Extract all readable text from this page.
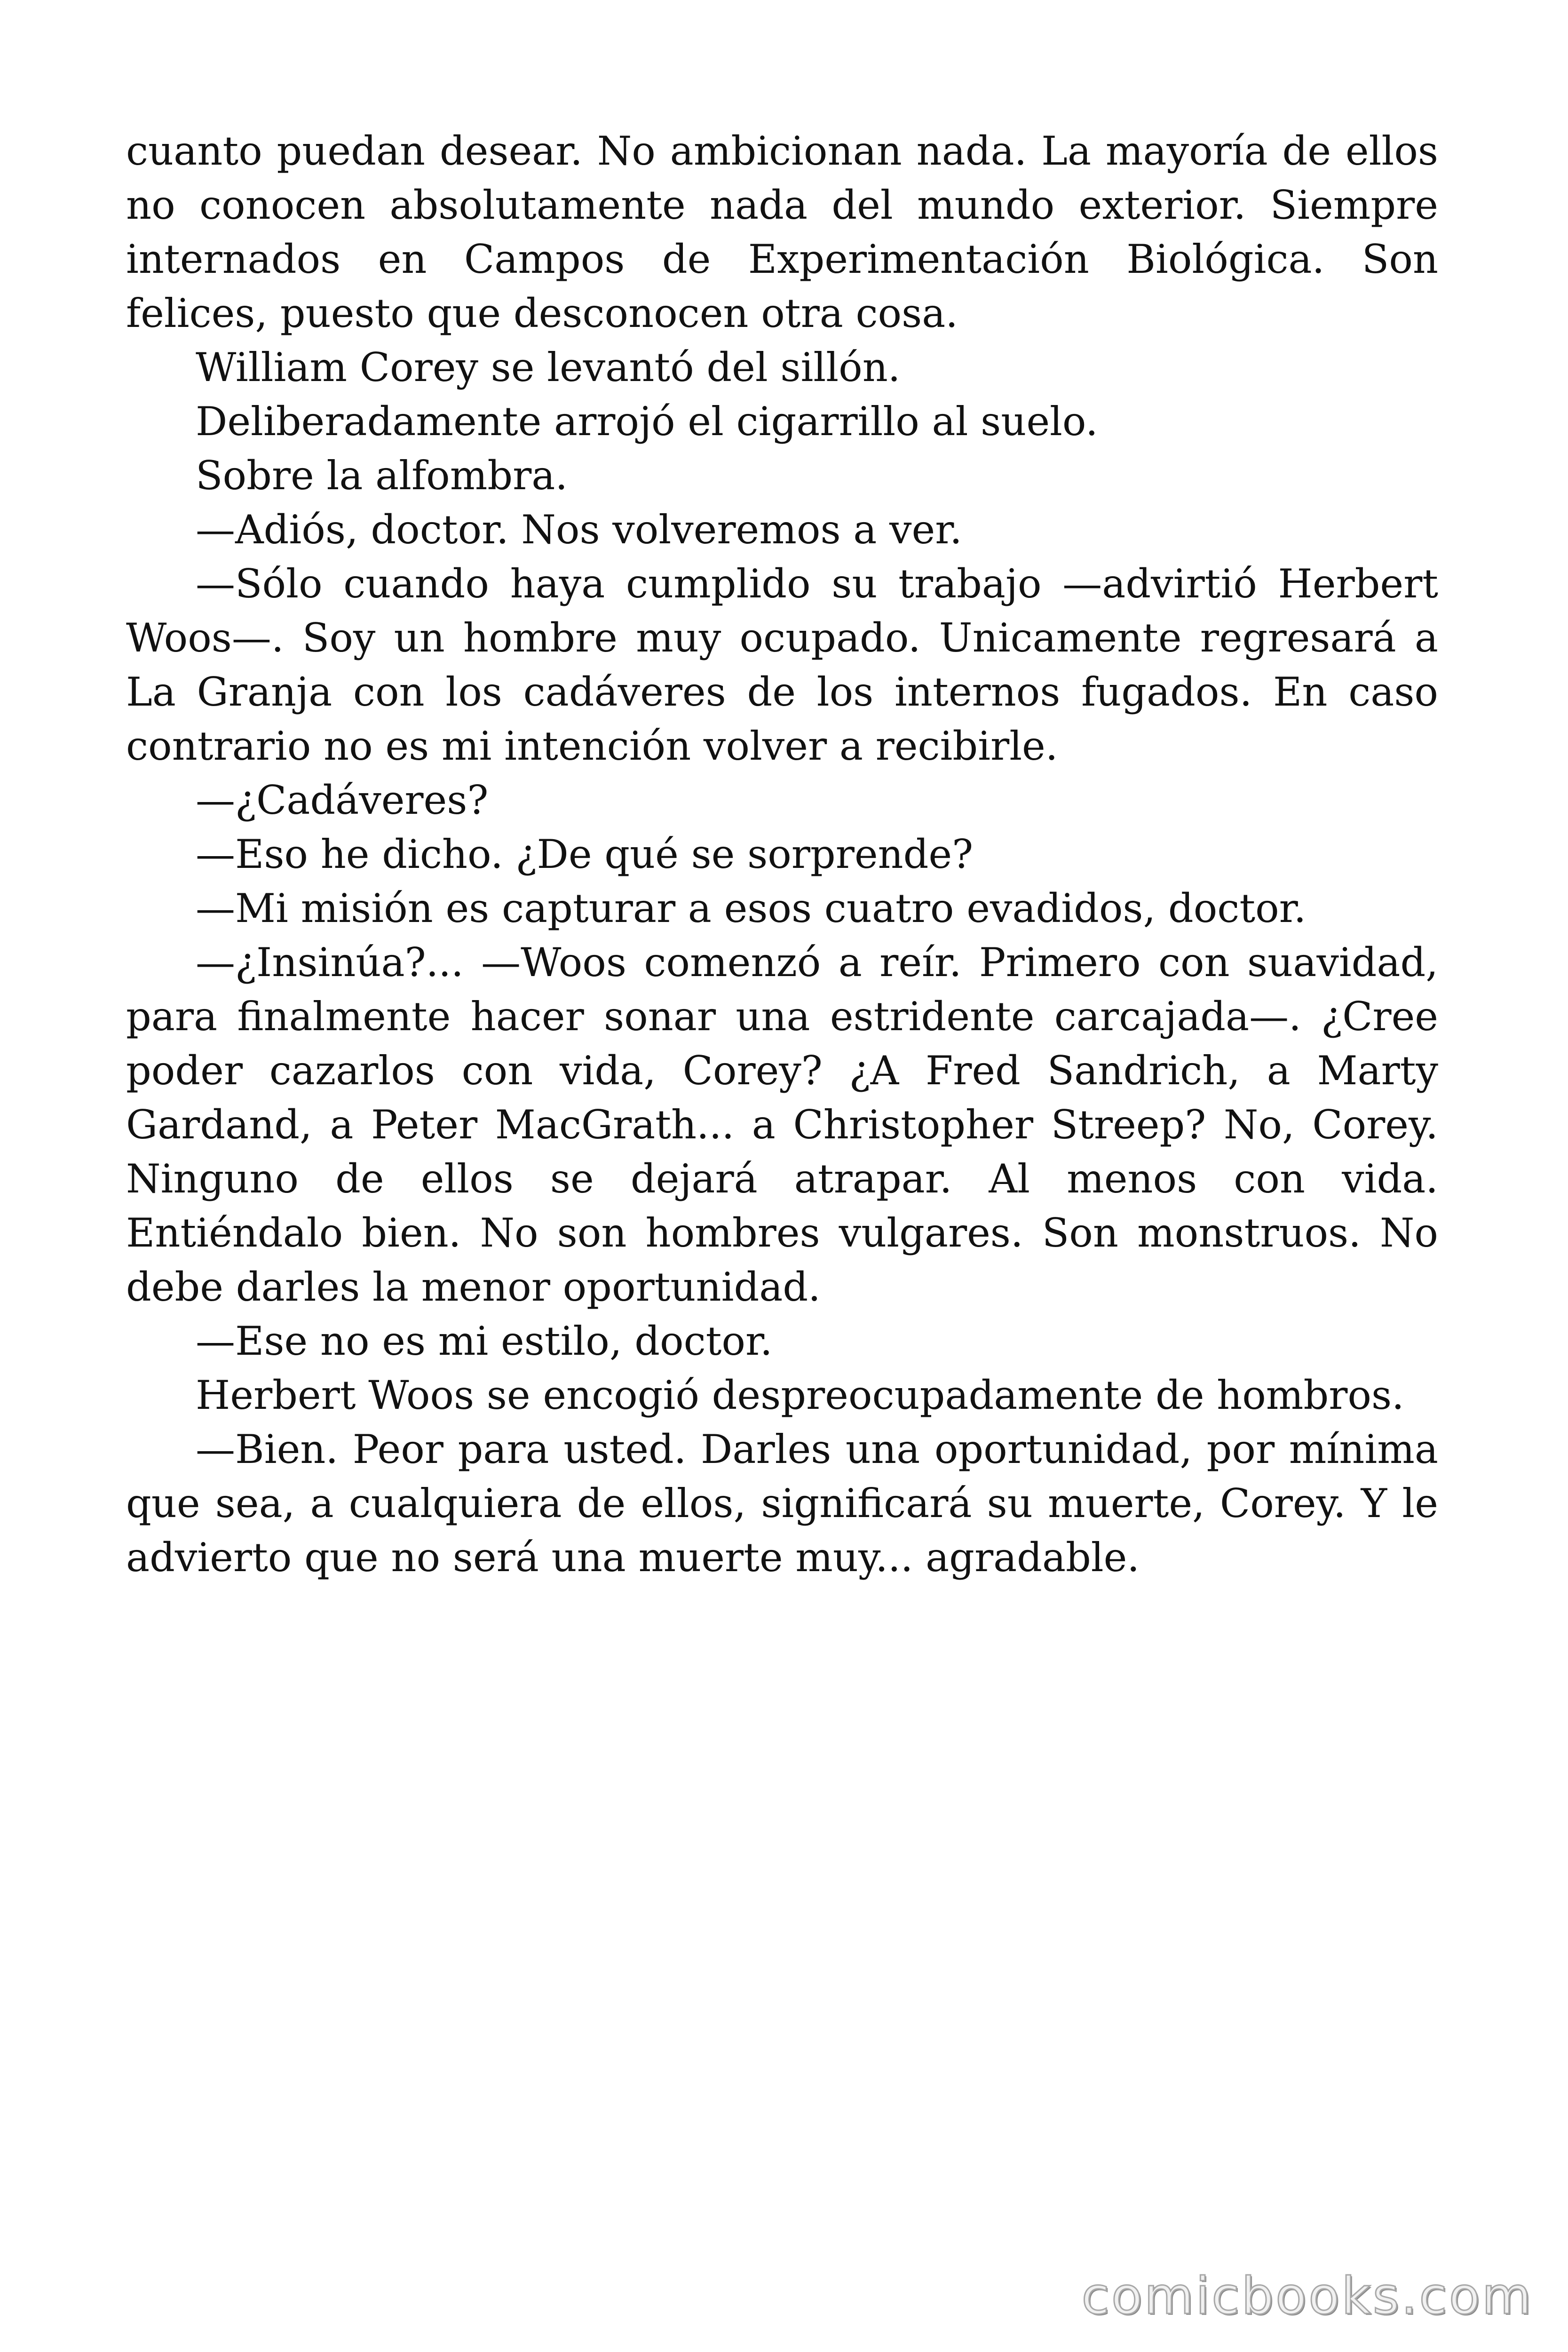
cuanto puedan desear. No ambicionan nada. La mayoría de ellos no conocen absolutamente nada del mundo exterior. Siempre internados en Campos de Experimentación Biológica. Son felices, puesto que desconocen otra cosa.

William Corey se levantó del sillón.

Deliberadamente arrojó el cigarrillo al suelo.

Sobre la alfombra.

—Adiós, doctor. Nos volveremos a ver.

—Sólo cuando haya cumplido su trabajo —advirtió Herbert Woos—. Soy un hombre muy ocupado. Unicamente regresará a La Granja con los cadáveres de los internos fugados. En caso contrario no es mi intención volver a recibirle.

—¿Cadáveres?

—Eso he dicho. ¿De qué se sorprende?

—Mi misión es capturar a esos cuatro evadidos, doctor.

—¿Insinúa?... —Woos comenzó a reír. Primero con suavidad, para finalmente hacer sonar una estridente carcajada—. ¿Cree poder cazarlos con vida, Corey? ¿A Fred Sandrich, a Marty Gardand, a Peter MacGrath... a Christopher Streep? No, Corey. Ninguno de ellos se dejará atrapar. Al menos con vida. Entiéndalo bien. No son hombres vulgares. Son monstruos. No debe darles la menor oportunidad.

—Ese no es mi estilo, doctor.

Herbert Woos se encogió despreocupadamente de hombros.

—Bien. Peor para usted. Darles una oportunidad, por mínima que sea, a cualquiera de ellos, significará su muerte, Corey. Y le advierto que no será una muerte muy... agradable.

comicbooks.com
